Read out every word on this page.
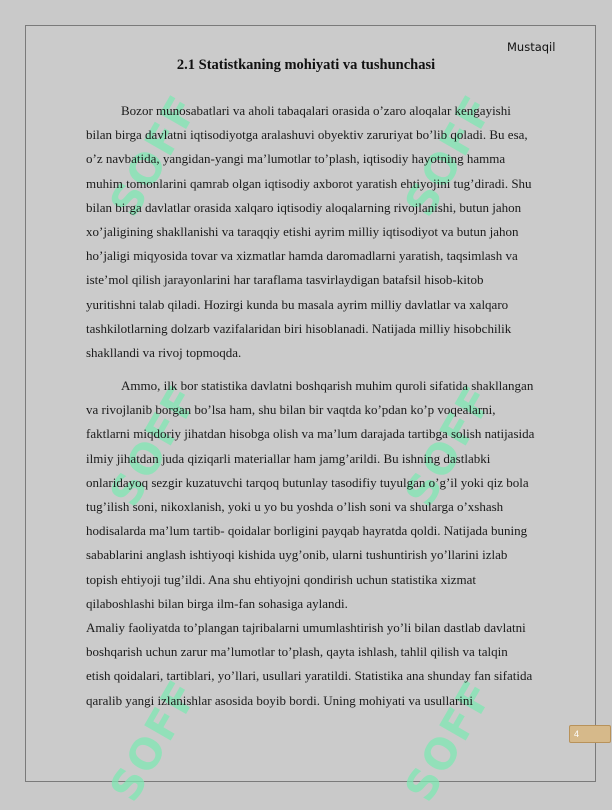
SOFF	SOFF
SOFF	SOFF
SOFF	SOFF
Mustaqil
2.1 Statistkaning mohiyati va tushunchasi
Bozor munosabatlari va aholi tabaqalari orasida o’zaro aloqalar kengayishi
bilan birga davlatni iqtisodiyotga aralashuvi obyektiv zaruriyat bo’lib qoladi. Bu esa,
o’z navbatida, yangidan-yangi ma’lumotlar to’plash, iqtisodiy hayotning hamma
muhim tomonlarini qamrab olgan iqtisodiy axborot yaratish ehtiyojini tug’diradi. Shu
bilan birga davlatlar orasida xalqaro iqtisodiy aloqalarning rivojlanishi, butun jahon
xo’jaligining shakllanishi va taraqqiy etishi ayrim milliy iqtisodiyot va butun jahon
ho’jaligi miqyosida tovar va xizmatlar hamda daromadlarni yaratish, taqsimlash va
iste’mol qilish jarayonlarini har taraflama tasvirlaydigan batafsil hisob-kitob
yuritishni talab qiladi. Hozirgi kunda bu masala ayrim milliy davlatlar va xalqaro
tashkilotlarning dolzarb vazifalaridan biri hisoblanadi. Natijada milliy hisobchilik
shakllandi va rivoj topmoqda.
Ammo, ilk bor statistika davlatni boshqarish muhim quroli sifatida shakllangan
va rivojlanib borgan bo’lsa ham, shu bilan bir vaqtda ko’pdan ko’p voqealarni,
faktlarni miqdoriy jihatdan hisobga olish va ma’lum darajada tartibga solish natijasida
ilmiy jihatdan juda qiziqarli materiallar ham jamg’arildi. Bu ishning dastlabki
onlaridayoq sezgir kuzatuvchi tarqoq butunlay tasodifiy tuyulgan o’g’il yoki qiz bola
tug’ilish soni, nikoxlanish, yoki u yo bu yoshda o’lish soni va shularga o’xshash
hodisalarda ma’lum tartib- qoidalar borligini payqab hayratda qoldi. Natijada buning
sabablarini anglash ishtiyoqi kishida uyg’onib, ularni tushuntirish yo’llarini izlab
topish ehtiyoji tug’ildi. Ana shu ehtiyojni qondirish uchun statistika xizmat
qilaboshlashi bilan birga ilm-fan sohasiga aylandi.
Amaliy faoliyatda to’plangan tajribalarni umumlashtirish yo’li bilan dastlab davlatni
boshqarish uchun zarur ma’lumotlar to’plash, qayta ishlash, tahlil qilish va talqin
etish qoidalari, tartiblari, yo’llari, usullari yaratildi. Statistika ana shunday fan sifatida
qaralib yangi izlanishlar asosida boyib bordi. Uning mohiyati va usullarini
4
